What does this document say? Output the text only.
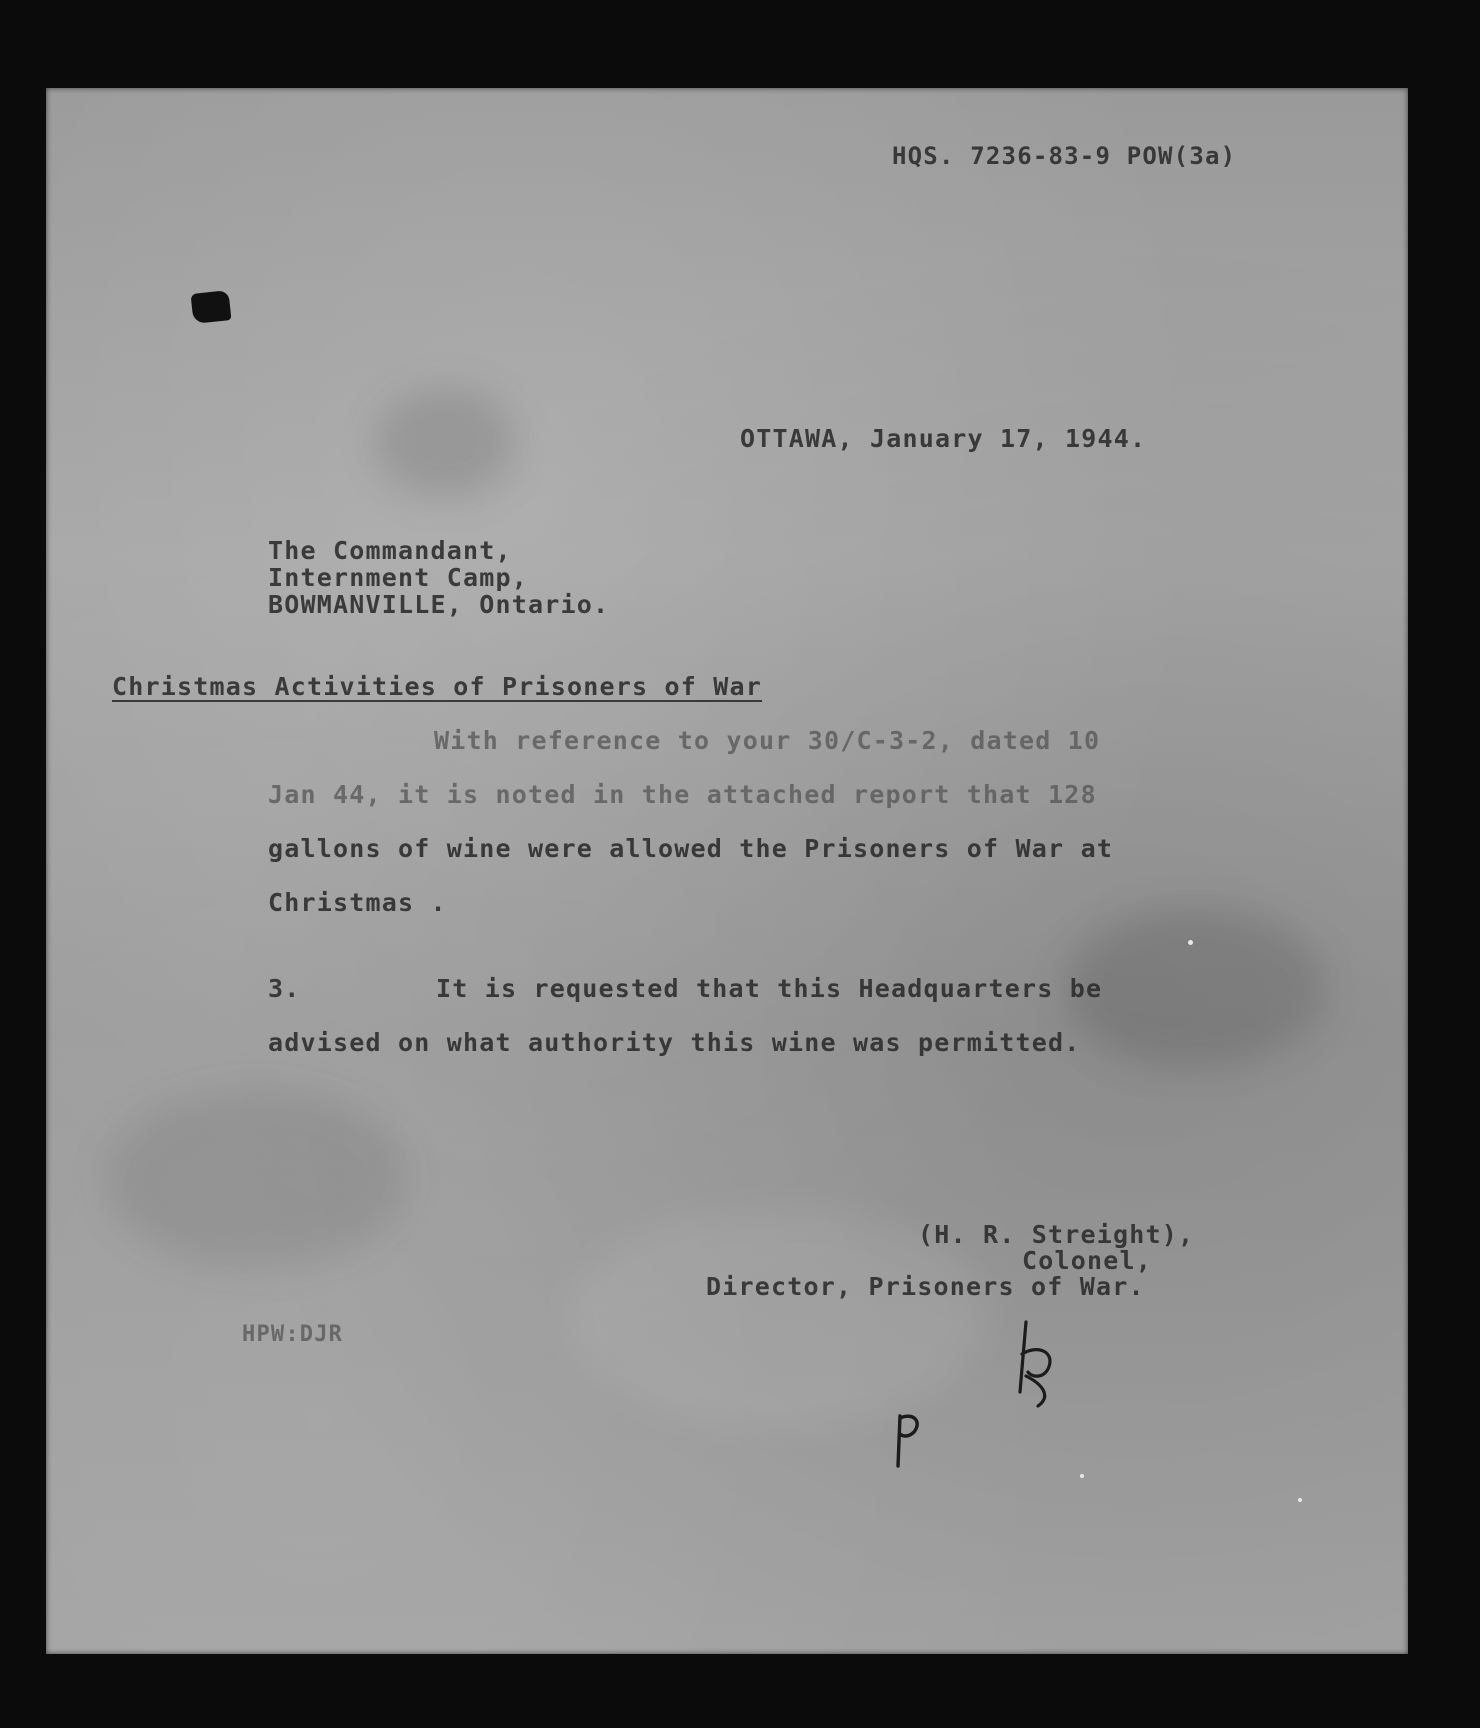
HQS. 7236-83-9 POW(3a)
OTTAWA, January 17, 1944.
The Commandant,
Internment Camp,
BOWMANVILLE, Ontario.
Christmas Activities of Prisoners of War
With reference to your 30/C-3-2, dated 10
Jan 44, it is noted in the attached report that 128
gallons of wine were allowed the Prisoners of War at
Christmas .
3.	It is requested that this Headquarters be
advised on what authority this wine was permitted.
(H. R. Streight),
Colonel,
Director, Prisoners of War.
HPW:DJR
